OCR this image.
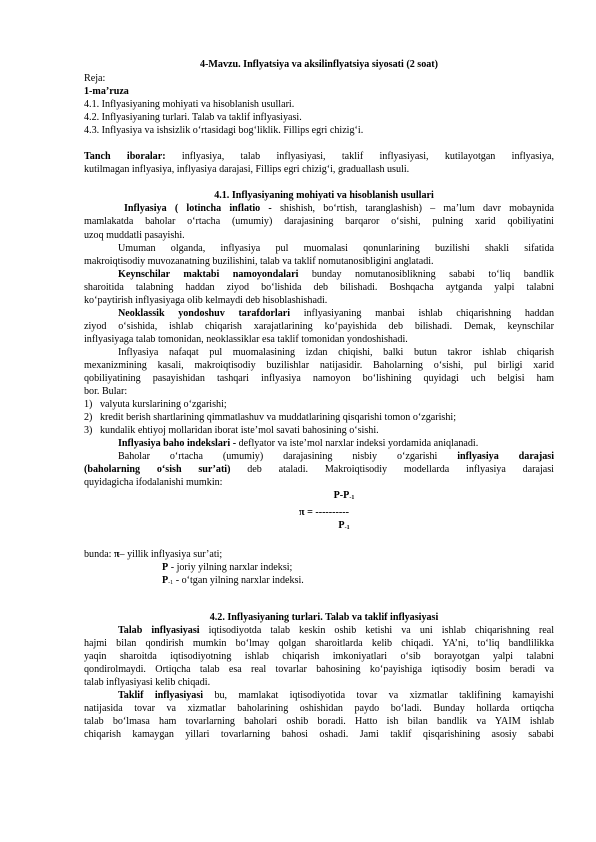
4-Mavzu. Inflyatsiya va aksilinflyatsiya siyosati (2 soat)

Reja:

1-ma’ruza

4.1. Inflyasiyaning mohiyati va hisoblanish usullari.

4.2. Inflyasiyaning turlari. Talab va taklif inflyasiyasi.

4.3. Inflyasiya va ishsizlik o‘rtasidagi bog‘liklik. Fillips egri chizig‘i.

Tanch iboralar: inflyasiya, talab inflyasiyasi, taklif inflyasiyasi, kutilayotgan inflyasiya,

kutilmagan inflyasiya, inflyasiya darajasi, Fillips egri chizig‘i, graduallash usuli.

4.1. Inflyasiyaning mohiyati va hisoblanish usullari

Inflyasiya ( lotincha inflatio - shishish, bo‘rtish, taranglashish) – ma’lum davr mobaynida

mamlakatda baholar o‘rtacha (umumiy) darajasining barqaror o‘sishi, pulning xarid qobiliyatini

uzoq muddatli pasayishi.

Umuman olganda, inflyasiya pul muomalasi qonunlarining buzilishi shakli sifatida

makroiqtisodiy muvozanatning buzilishini, talab va taklif nomutanosibligini anglatadi.

Keynschilar maktabi namoyondalari bunday nomutanosiblikning sababi to‘liq bandlik

sharoitida talabning haddan ziyod bo‘lishida deb bilishadi. Boshqacha aytganda yalpi talabni

ko‘paytirish inflyasiyaga olib kelmaydi deb hisoblashishadi.

Neoklassik yondoshuv tarafdorlari inflyasiyaning manbai ishlab chiqarishning haddan

ziyod o‘sishida, ishlab chiqarish xarajatlarining ko‘payishida deb bilishadi. Demak, keynschilar

inflyasiyaga talab tomonidan, neoklassiklar esa taklif tomonidan yondoshishadi.

Inflyasiya nafaqat pul muomalasining izdan chiqishi, balki butun takror ishlab chiqarish

mexanizmining kasali, makroiqtisodiy buzilishlar natijasidir. Baholarning o‘sishi, pul birligi xarid

qobiliyatining pasayishidan tashqari inflyasiya namoyon bo‘lishining quyidagi uch belgisi ham

bor. Bular:

1) valyuta kurslarining o‘zgarishi;
2) kredit berish shartlarining qimmatlashuv va muddatlarining qisqarishi tomon o‘zgarishi;
3) kundalik ehtiyoj mollaridan iborat iste’mol savati bahosining o‘sishi.

Inflyasiya baho indekslari - deflyator va iste’mol narxlar indeksi yordamida aniqlanadi.

Baholar o‘rtacha (umumiy) darajasining nisbiy o‘zgarishi inflyasiya darajasi

(baholarning o‘sish sur’ati) deb ataladi. Makroiqtisodiy modellarda inflyasiya darajasi

quyidagicha ifodalanishi mumkin:

$P-P_{-1}$
π = ----------
$P_{-1}$

bunda: π– yillik inflyasiya sur’ati;

P - joriy yilning narxlar indeksi;

$P_{-1}$ - o‘tgan yilning narxlar indeksi.

4.2. Inflyasiyaning turlari. Talab va taklif inflyasiyasi

Talab inflyasiyasi iqtisodiyotda talab keskin oshib ketishi va uni ishlab chiqarishning real

hajmi bilan qondirish mumkin bo‘lmay qolgan sharoitlarda kelib chiqadi. YA’ni, to‘liq bandlilikka

yaqin sharoitda iqtisodiyotning ishlab chiqarish imkoniyatlari o‘sib borayotgan yalpi talabni

qondirolmaydi. Ortiqcha talab esa real tovarlar bahosining ko‘payishiga iqtisodiy bosim beradi va

talab inflyasiyasi kelib chiqadi.

Taklif inflyasiyasi bu, mamlakat iqtisodiyotida tovar va xizmatlar taklifining kamayishi

natijasida tovar va xizmatlar baholarining oshishidan paydo bo‘ladi. Bunday hollarda ortiqcha

talab bo‘lmasa ham tovarlarning baholari oshib boradi. Hatto ish bilan bandlik va YAIM ishlab

chiqarish kamaygan yillari tovarlarning bahosi oshadi. Jami taklif qisqarishining asosiy sababi
